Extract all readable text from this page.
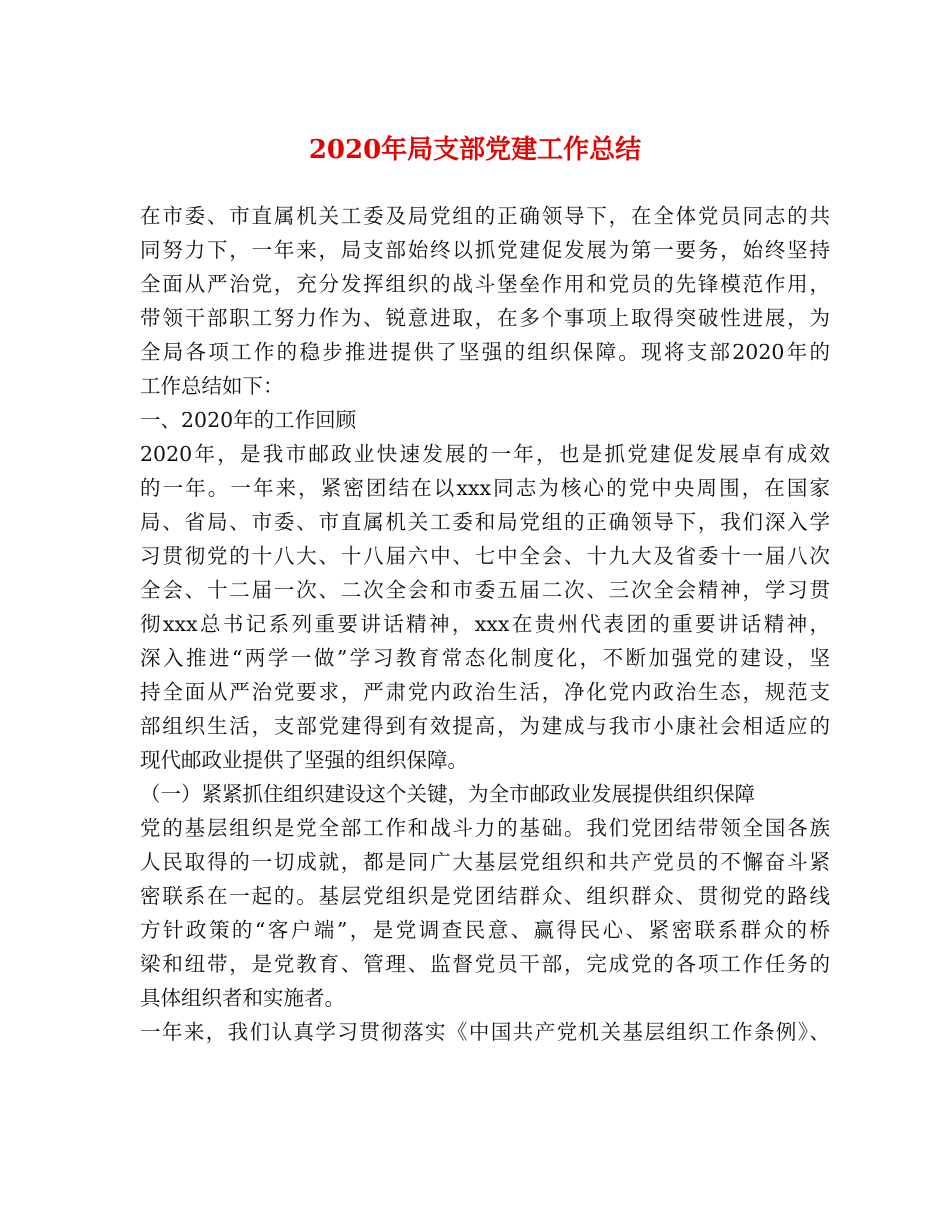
2020年局支部党建工作总结
在市委、市直属机关工委及局党组的正确领导下，在全体党员同志的共
同努力下，一年来，局支部始终以抓党建促发展为第一要务，始终坚持
全面从严治党，充分发挥组织的战斗堡垒作用和党员的先锋模范作用，
带领干部职工努力作为、锐意进取，在多个事项上取得突破性进展，为
全局各项工作的稳步推进提供了坚强的组织保障。现将支部2020年的
工作总结如下：
一、2020年的工作回顾
2020年，是我市邮政业快速发展的一年，也是抓党建促发展卓有成效
的一年。一年来，紧密团结在以xxx同志为核心的党中央周围，在国家
局、省局、市委、市直属机关工委和局党组的正确领导下，我们深入学
习贯彻党的十八大、十八届六中、七中全会、十九大及省委十一届八次
全会、十二届一次、二次全会和市委五届二次、三次全会精神，学习贯
彻xxx总书记系列重要讲话精神，xxx在贵州代表团的重要讲话精神，
深入推进“两学一做”学习教育常态化制度化，不断加强党的建设，坚
持全面从严治党要求，严肃党内政治生活，净化党内政治生态，规范支
部组织生活，支部党建得到有效提高，为建成与我市小康社会相适应的
现代邮政业提供了坚强的组织保障。
（一）紧紧抓住组织建设这个关键，为全市邮政业发展提供组织保障
党的基层组织是党全部工作和战斗力的基础。我们党团结带领全国各族
人民取得的一切成就，都是同广大基层党组织和共产党员的不懈奋斗紧
密联系在一起的。基层党组织是党团结群众、组织群众、贯彻党的路线
方针政策的“客户端”，是党调查民意、赢得民心、紧密联系群众的桥
梁和纽带，是党教育、管理、监督党员干部，完成党的各项工作任务的
具体组织者和实施者。
一年来，我们认真学习贯彻落实《中国共产党机关基层组织工作条例》、
